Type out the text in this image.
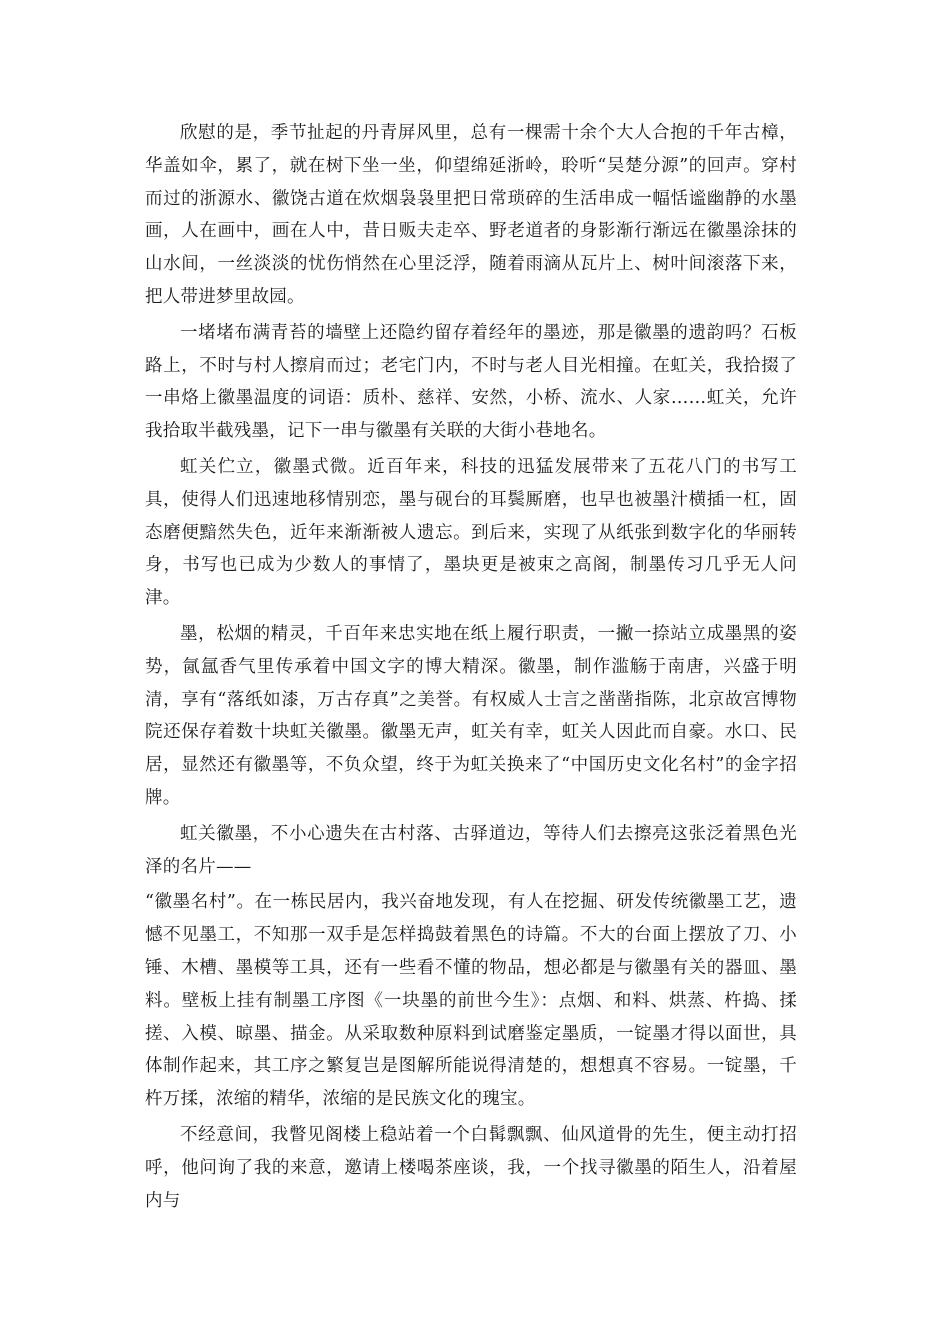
欣慰的是，季节扯起的丹青屏风里，总有一棵需十余个大人合抱的千年古樟，华盖如伞，累了，就在树下坐一坐，仰望绵延浙岭，聆听“吴楚分源”的回声。穿村而过的浙源水、徽饶古道在炊烟袅袅里把日常琐碎的生活串成一幅恬谧幽静的水墨画，人在画中，画在人中，昔日贩夫走卒、野老道者的身影渐行渐远在徽墨涂抹的山水间，一丝淡淡的忧伤悄然在心里泛浮，随着雨滴从瓦片上、树叶间滚落下来，把人带进梦里故园。

一堵堵布满青苔的墙壁上还隐约留存着经年的墨迹，那是徽墨的遗韵吗？石板路上，不时与村人擦肩而过；老宅门内，不时与老人目光相撞。在虹关，我拾掇了一串烙上徽墨温度的词语：质朴、慈祥、安然，小桥、流水、人家……虹关，允许我拾取半截残墨，记下一串与徽墨有关联的大街小巷地名。

虹关伫立，徽墨式微。近百年来，科技的迅猛发展带来了五花八门的书写工具，使得人们迅速地移情别恋，墨与砚台的耳鬓厮磨，也早也被墨汁横插一杠，固态磨便黯然失色，近年来渐渐被人遗忘。到后来，实现了从纸张到数字化的华丽转身，书写也已成为少数人的事情了，墨块更是被束之高阁，制墨传习几乎无人问津。

墨，松烟的精灵，千百年来忠实地在纸上履行职责，一撇一捺站立成墨黑的姿势，氤氲香气里传承着中国文字的博大精深。徽墨，制作滥觞于南唐，兴盛于明清，享有“落纸如漆，万古存真”之美誉。有权威人士言之凿凿指陈，北京故宫博物院还保存着数十块虹关徽墨。徽墨无声，虹关有幸，虹关人因此而自豪。水口、民居，显然还有徽墨等，不负众望，终于为虹关换来了“中国历史文化名村”的金字招牌。

虹关徽墨，不小心遗失在古村落、古驿道边，等待人们去擦亮这张泛着黑色光泽的名片——

“徽墨名村”。在一栋民居内，我兴奋地发现，有人在挖掘、研发传统徽墨工艺，遗憾不见墨工，不知那一双手是怎样捣鼓着黑色的诗篇。不大的台面上摆放了刀、小锤、木槽、墨模等工具，还有一些看不懂的物品，想必都是与徽墨有关的器皿、墨料。壁板上挂有制墨工序图《一块墨的前世今生》：点烟、和料、烘蒸、杵捣、揉搓、入模、晾墨、描金。从采取数种原料到试磨鉴定墨质，一锭墨才得以面世，具体制作起来，其工序之繁复岂是图解所能说得清楚的，想想真不容易。一锭墨，千杵万揉，浓缩的精华，浓缩的是民族文化的瑰宝。

不经意间，我瞥见阁楼上稳站着一个白髯飘飘、仙风道骨的先生，便主动打招呼，他问询了我的来意，邀请上楼喝茶座谈，我，一个找寻徽墨的陌生人，沿着屋内与
